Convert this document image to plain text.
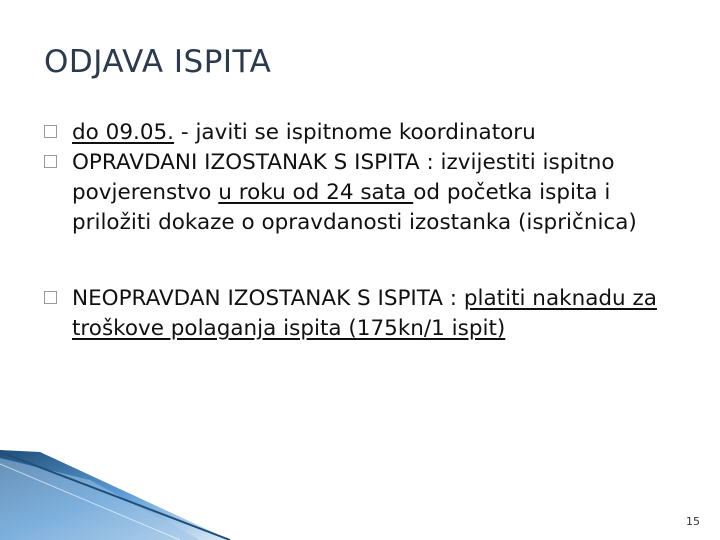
ODJAVA ISPITA

do 09.05. - javiti se ispitnome koordinatoru

OPRAVDANI IZOSTANAK S ISPITA : izvijestiti ispitno povjerenstvo u roku od 24 sata od početka ispita i priložiti dokaze o opravdanosti izostanka (ispričnica)

NEOPRAVDAN IZOSTANAK S ISPITA : platiti naknadu za troškove polaganja ispita (175kn/1 ispit)

15
